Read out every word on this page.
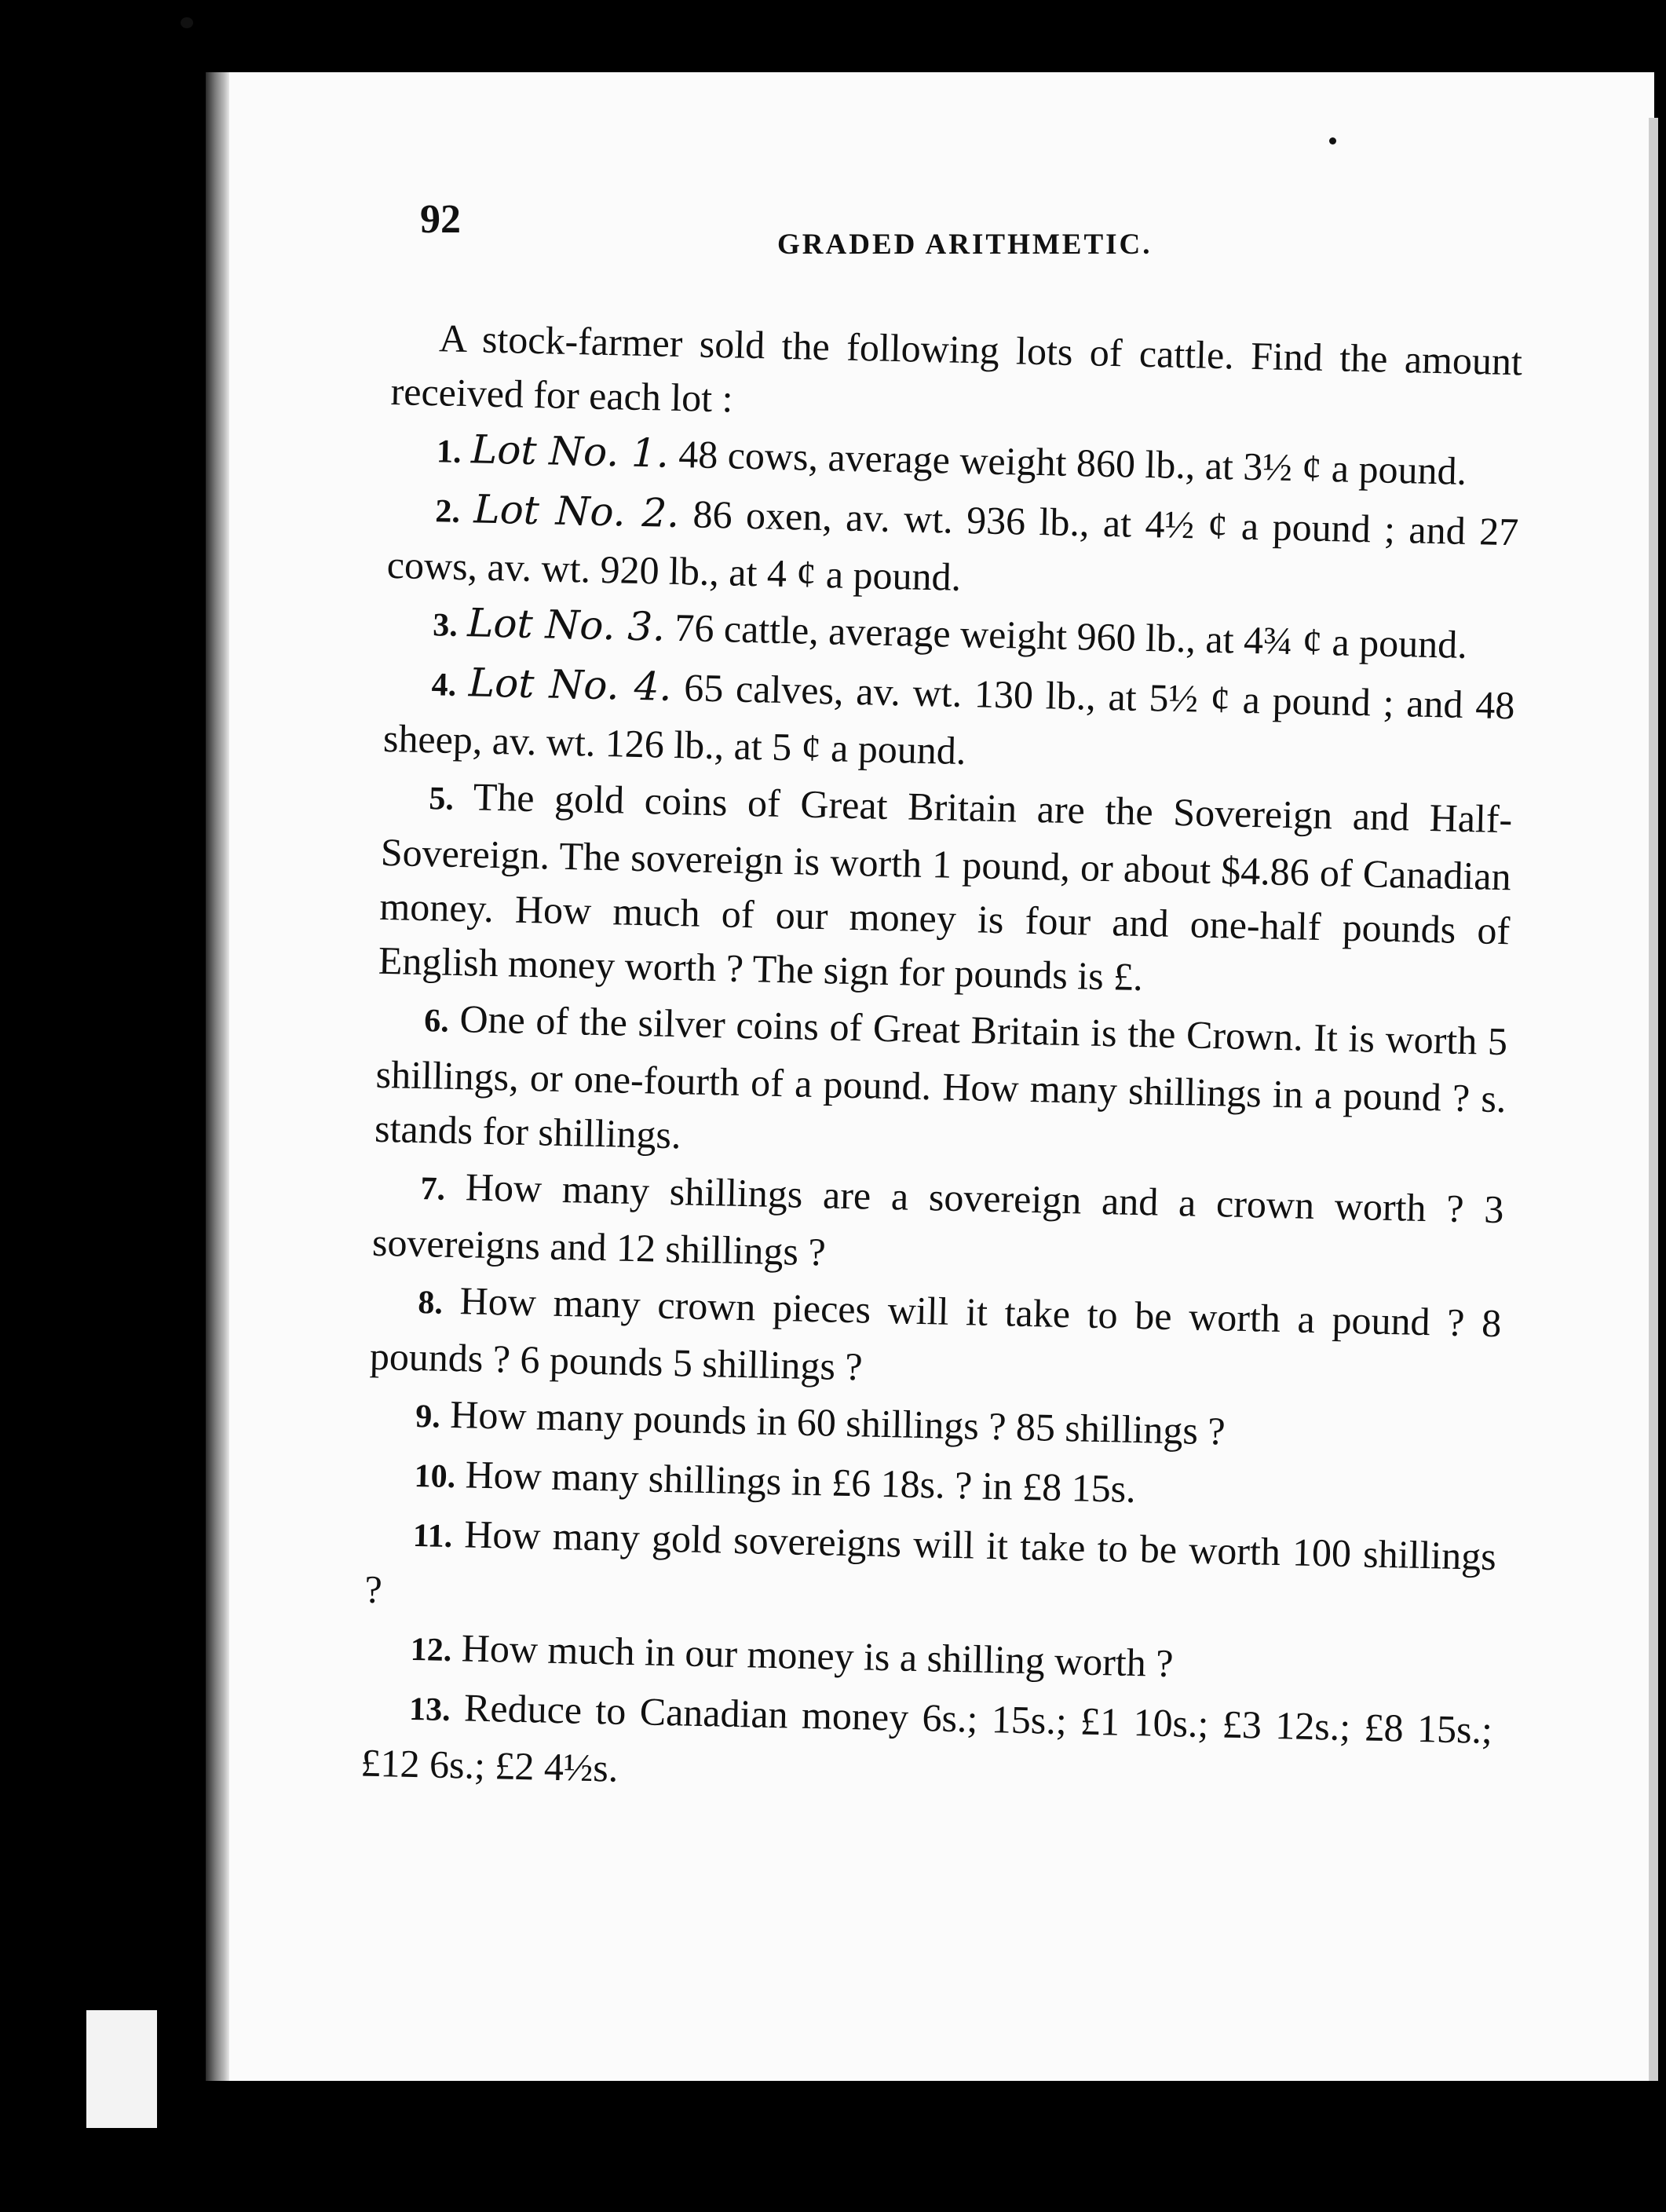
92
GRADED ARITHMETIC.

A stock-farmer sold the following lots of cattle. Find the amount received for each lot :

1. Lot No. 1. 48 cows, average weight 860 lb., at 3½ ¢ a pound.

2. Lot No. 2. 86 oxen, av. wt. 936 lb., at 4½ ¢ a pound ; and 27 cows, av. wt. 920 lb., at 4 ¢ a pound.

3. Lot No. 3. 76 cattle, average weight 960 lb., at 4¾ ¢ a pound.

4. Lot No. 4. 65 calves, av. wt. 130 lb., at 5½ ¢ a pound ; and 48 sheep, av. wt. 126 lb., at 5 ¢ a pound.

5. The gold coins of Great Britain are the Sovereign and Half-Sovereign. The sovereign is worth 1 pound, or about $4.86 of Canadian money. How much of our money is four and one-half pounds of English money worth ? The sign for pounds is £.

6. One of the silver coins of Great Britain is the Crown. It is worth 5 shillings, or one-fourth of a pound. How many shillings in a pound ? s. stands for shillings.

7. How many shillings are a sovereign and a crown worth ? 3 sovereigns and 12 shillings ?

8. How many crown pieces will it take to be worth a pound ? 8 pounds ? 6 pounds 5 shillings ?

9. How many pounds in 60 shillings ? 85 shillings ?

10. How many shillings in £6 18s. ? in £8 15s.

11. How many gold sovereigns will it take to be worth 100 shillings ?

12. How much in our money is a shilling worth ?

13. Reduce to Canadian money 6s.; 15s.; £1 10s.; £3 12s.; £8 15s.; £12 6s.; £2 4½s.
